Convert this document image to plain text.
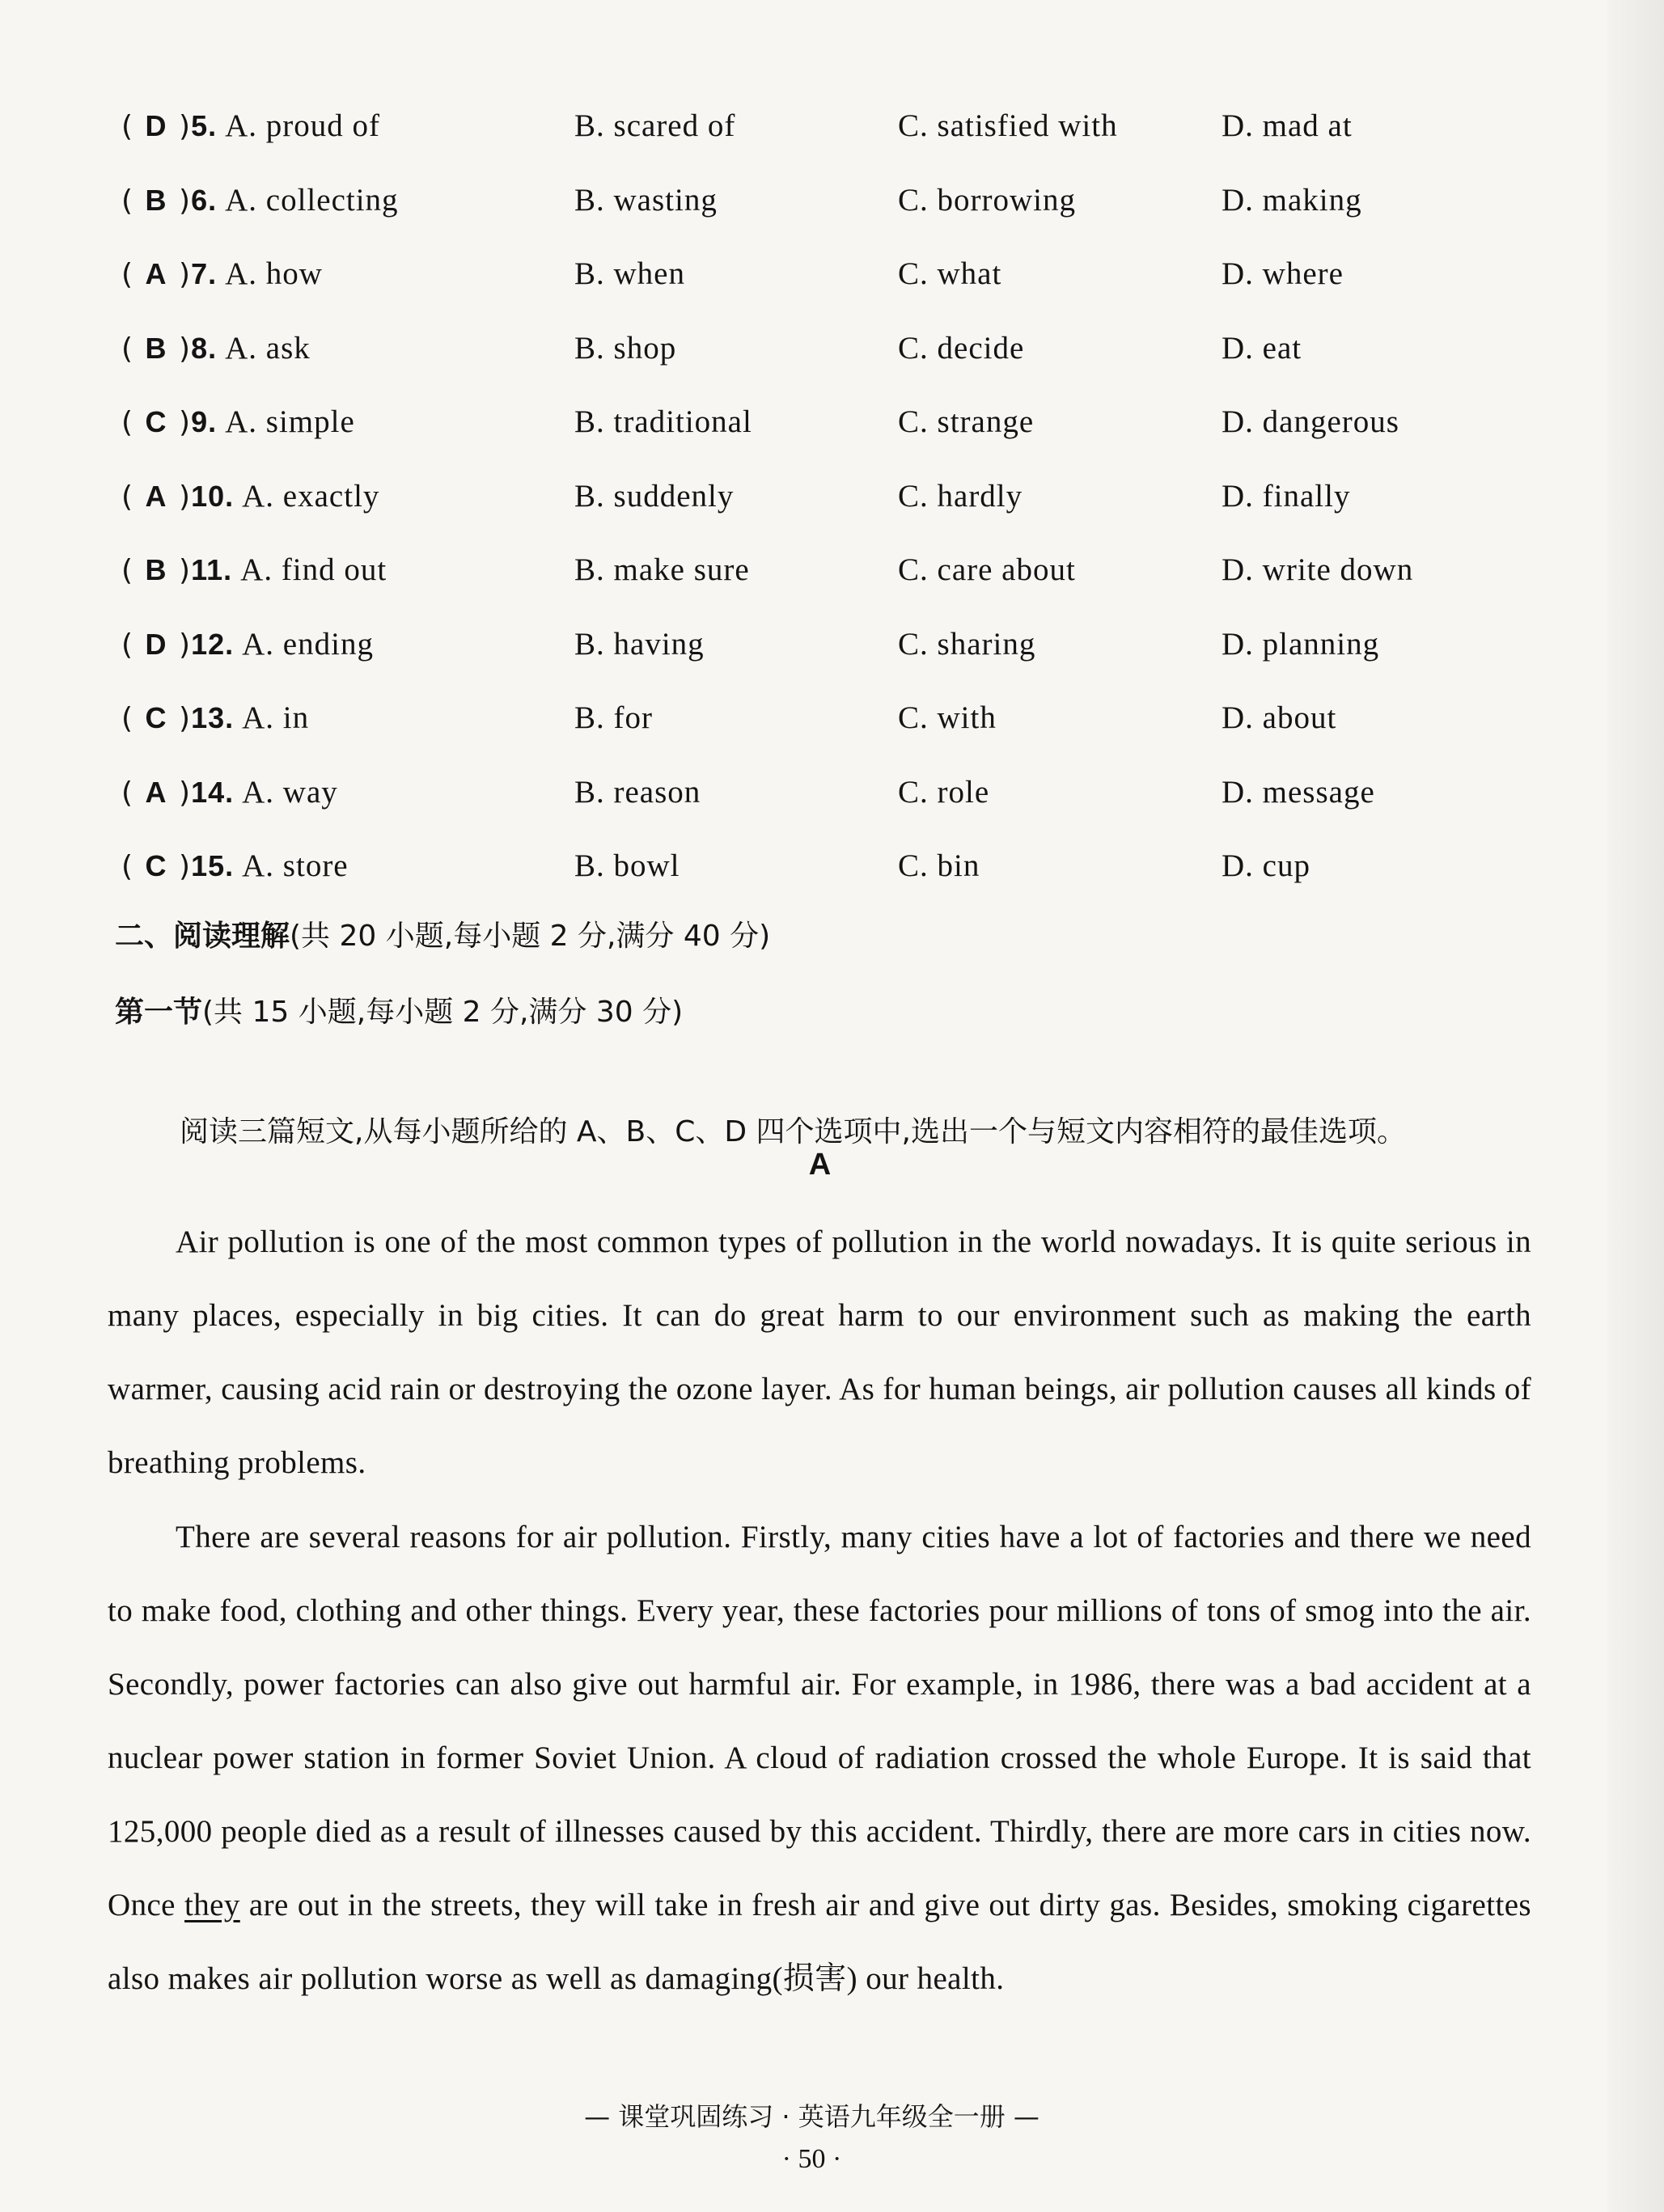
( D )5. A. proud of	B. scared of	C. satisfied with	D. mad at
( B )6. A. collecting	B. wasting	C. borrowing	D. making
( A )7. A. how	B. when	C. what	D. where
( B )8. A. ask	B. shop	C. decide	D. eat
( C )9. A. simple	B. traditional	C. strange	D. dangerous
( A )10. A. exactly	B. suddenly	C. hardly	D. finally
( B )11. A. find out	B. make sure	C. care about	D. write down
( D )12. A. ending	B. having	C. sharing	D. planning
( C )13. A. in	B. for	C. with	D. about
( A )14. A. way	B. reason	C. role	D. message
( C )15. A. store	B. bowl	C. bin	D. cup
二、阅读理解(共 20 小题,每小题 2 分,满分 40 分)
第一节(共 15 小题,每小题 2 分,满分 30 分)
阅读三篇短文,从每小题所给的 A、B、C、D 四个选项中,选出一个与短文内容相符的最佳选项。
A
Air pollution is one of the most common types of pollution in the world nowadays. It is quite serious in many places, especially in big cities. It can do great harm to our environment such as making the earth warmer, causing acid rain or destroying the ozone layer. As for human beings, air pollution causes all kinds of breathing problems.
There are several reasons for air pollution. Firstly, many cities have a lot of factories and there we need to make food, clothing and other things. Every year, these factories pour millions of tons of smog into the air. Secondly, power factories can also give out harmful air. For example, in 1986, there was a bad accident at a nuclear power station in former Soviet Union. A cloud of radiation crossed the whole Europe. It is said that 125,000 people died as a result of illnesses caused by this accident. Thirdly, there are more cars in cities now. Once they are out in the streets, they will take in fresh air and give out dirty gas. Besides, smoking cigarettes also makes air pollution worse as well as damaging(损害) our health.
— 课堂巩固练习 · 英语九年级全一册 —
· 50 ·
